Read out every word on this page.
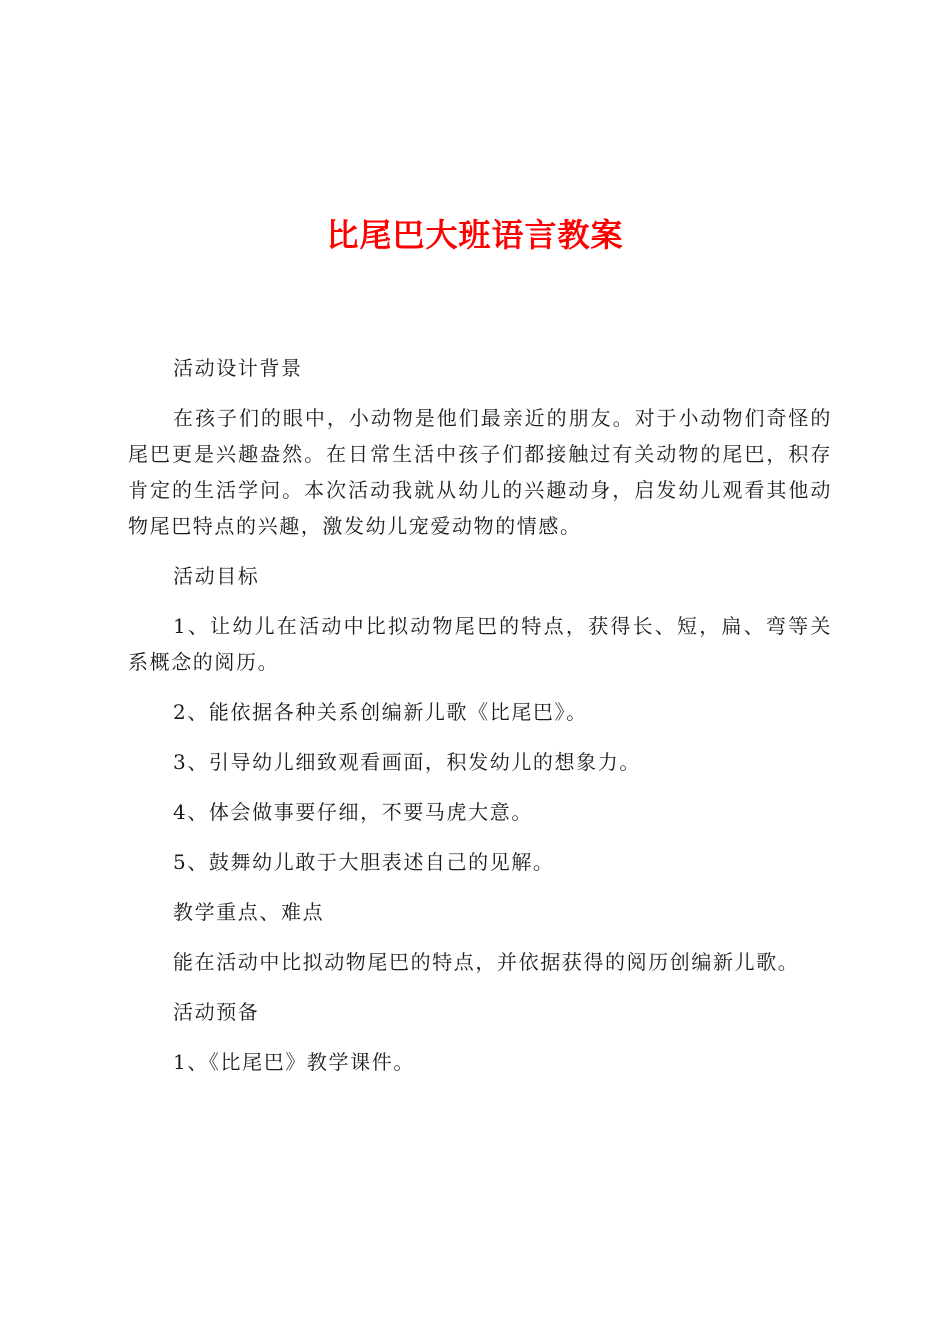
比尾巴大班语言教案

活动设计背景

在孩子们的眼中，小动物是他们最亲近的朋友。对于小动物们奇怪的尾巴更是兴趣盎然。在日常生活中孩子们都接触过有关动物的尾巴，积存肯定的生活学问。本次活动我就从幼儿的兴趣动身，启发幼儿观看其他动物尾巴特点的兴趣，激发幼儿宠爱动物的情感。

活动目标

1、让幼儿在活动中比拟动物尾巴的特点，获得长、短，扁、弯等关系概念的阅历。

2、能依据各种关系创编新儿歌《比尾巴》。

3、引导幼儿细致观看画面，积发幼儿的想象力。

4、体会做事要仔细，不要马虎大意。

5、鼓舞幼儿敢于大胆表述自己的见解。

教学重点、难点

能在活动中比拟动物尾巴的特点，并依据获得的阅历创编新儿歌。

活动预备

1、《比尾巴》教学课件。
